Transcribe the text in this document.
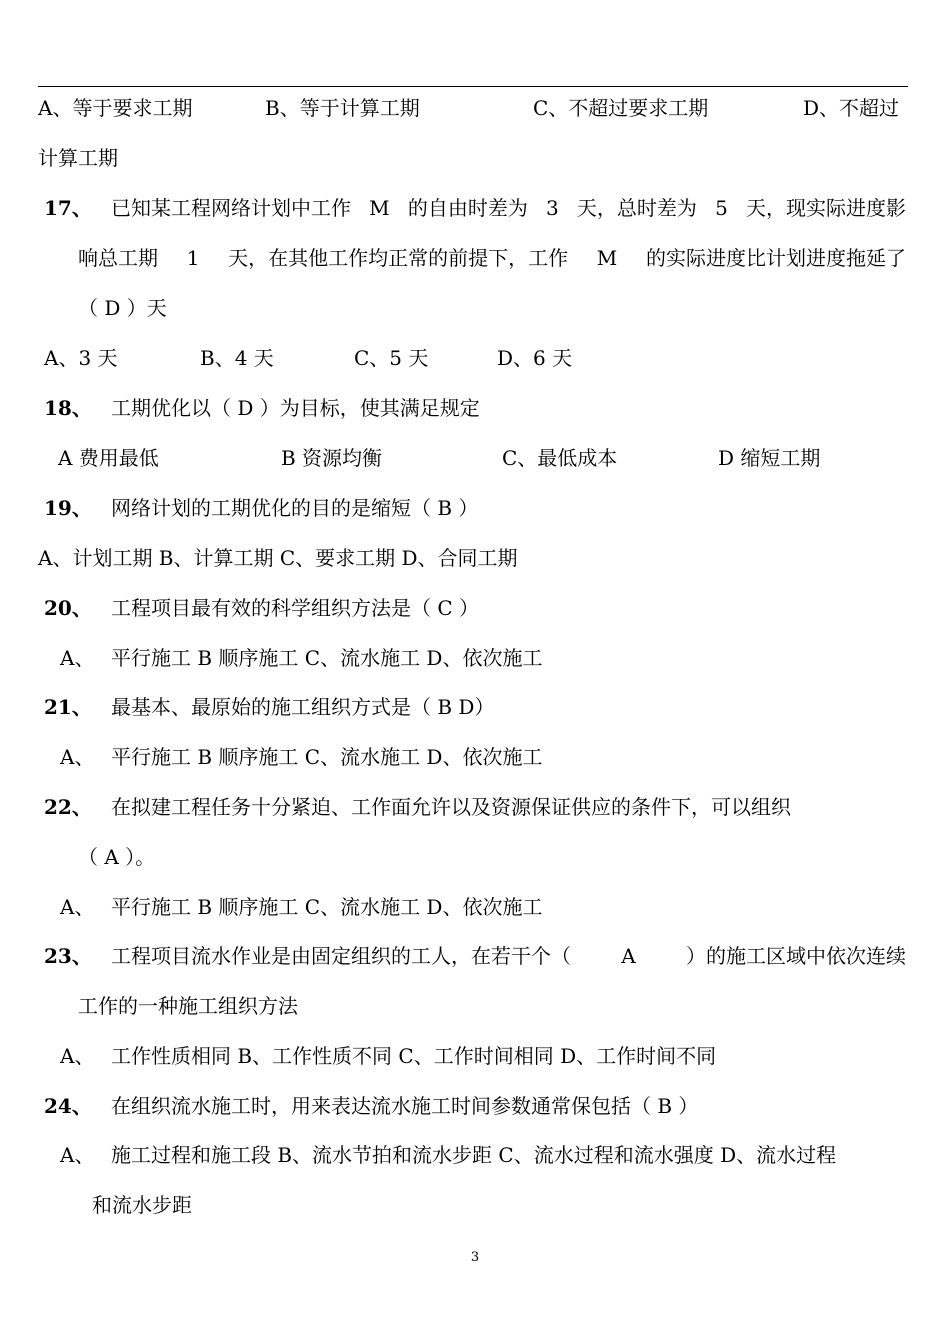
A、等于要求工期	B、等于计算工期	C、不超过要求工期	D、不超过
计算工期
17、 已知某工程网络计划中工作 M 的自由时差为 3 天，总时差为 5 天，现实际进度影
响总工期 1 天，在其他工作均正常的前提下，工作 M 的实际进度比计划进度拖延了
（ D ）天
A、3 天	B、4 天	C、5 天	D、6 天
18、 工期优化以（ D ）为目标，使其满足规定
A 费用最低	B 资源均衡	C、最低成本	D 缩短工期
19、 网络计划的工期优化的目的是缩短（ B ）
A、计划工期 B、计算工期 C、要求工期 D、合同工期
20、 工程项目最有效的科学组织方法是（ C ）
A、 平行施工 B 顺序施工 C、流水施工 D、依次施工
21、 最基本、最原始的施工组织方式是（ B D）
A、 平行施工 B 顺序施工 C、流水施工 D、依次施工
22、 在拟建工程任务十分紧迫、工作面允许以及资源保证供应的条件下，可以组织
（ A ）。
A、 平行施工 B 顺序施工 C、流水施工 D、依次施工
23、 工程项目流水作业是由固定组织的工人，在若干个（	A	）的施工区域中依次连续
工作的一种施工组织方法
A、 工作性质相同 B、工作性质不同 C、工作时间相同 D、工作时间不同
24、 在组织流水施工时，用来表达流水施工时间参数通常保包括（ B ）
A、 施工过程和施工段 B、流水节拍和流水步距 C、流水过程和流水强度 D、流水过程
和流水步距
3
